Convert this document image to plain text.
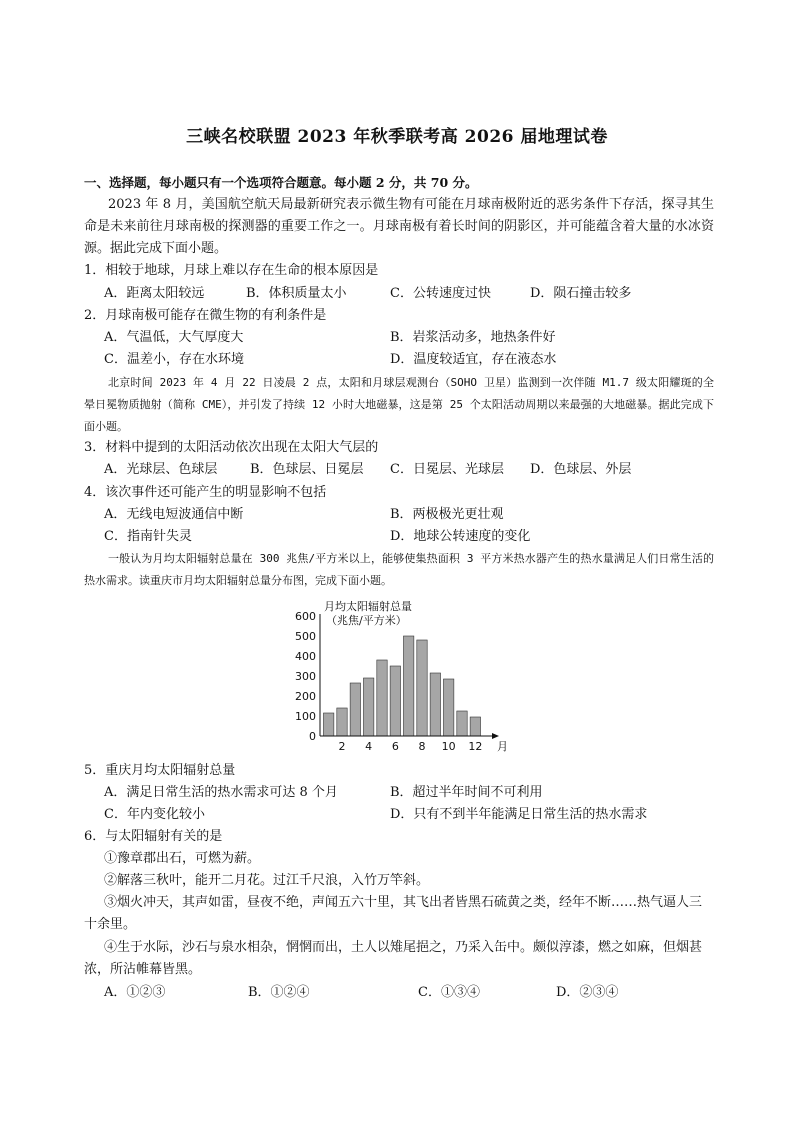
三峡名校联盟 2023 年秋季联考高 2026 届地理试卷
一、选择题，每小题只有一个选项符合题意。每小题 2 分，共 70 分。
2023 年 8 月，美国航空航天局最新研究表示微生物有可能在月球南极附近的恶劣条件下存活，探寻其生命是未来前往月球南极的探测器的重要工作之一。月球南极有着长时间的阴影区，并可能蕴含着大量的水冰资源。据此完成下面小题。
1．相较于地球，月球上难以存在生命的根本原因是
A．距离太阳较远	B．体积质量太小	C．公转速度过快	D．陨石撞击较多
2．月球南极可能存在微生物的有利条件是
A．气温低，大气厚度大	B．岩浆活动多，地热条件好
C．温差小，存在水环境	D．温度较适宜，存在液态水
北京时间 2023 年 4 月 22 日凌晨 2 点，太阳和月球层观测台（SOHO 卫星）监测到一次伴随 M1.7 级太阳耀斑的全晕日冕物质抛射（简称 CME），并引发了持续 12 小时大地磁暴，这是第 25 个太阳活动周期以来最强的大地磁暴。据此完成下面小题。
3．材料中提到的太阳活动依次出现在太阳大气层的
A．光球层、色球层	B．色球层、日冕层 C．日冕层、光球层 D．色球层、外层
4．该次事件还可能产生的明显影响不包括
A．无线电短波通信中断	B．两极极光更壮观
C．指南针失灵	D．地球公转速度的变化
一般认为月均太阳辐射总量在 300 兆焦/平方米以上，能够使集热面积 3 平方米热水器产生的热水量满足人们日常生活的热水需求。读重庆市月均太阳辐射总量分布图，完成下面小题。
月均太阳辐射总量
（兆焦/平方米）
0
100
200
300
400
500
600
2 4 6 8 10 12 月
5．重庆月均太阳辐射总量
A．满足日常生活的热水需求可达 8 个月	B．超过半年时间不可利用
C．年内变化较小	D．只有不到半年能满足日常生活的热水需求
6．与太阳辐射有关的是
①豫章郡出石，可燃为薪。
②解落三秋叶，能开二月花。过江千尺浪，入竹万竿斜。
③烟火冲天，其声如雷，昼夜不绝，声闻五六十里，其飞出者皆黑石硫黄之类，经年不断……热气逼人三十余里。
④生于水际，沙石与泉水相杂，惘惘而出，土人以雉尾挹之，乃采入缶中。颇似淳漆，燃之如麻，但烟甚浓，所沾帷幕皆黑。
A．①②③	B．①②④	C．①③④	D．②③④
